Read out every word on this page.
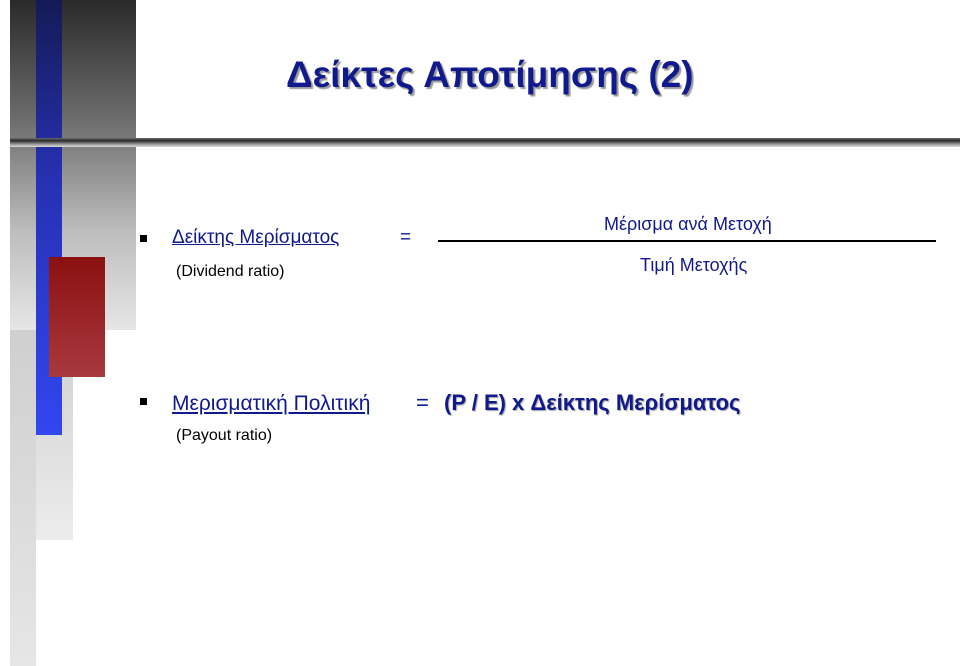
Δείκτες Αποτίμησης (2)
Δείκτης Μερίσματος	=
(Dividend ratio)
Μέρισμα ανά Μετοχή
Τιμή Μετοχής
Μερισματική Πολιτική = (P / E) x Δείκτης Μερίσματος
(Payout ratio)
